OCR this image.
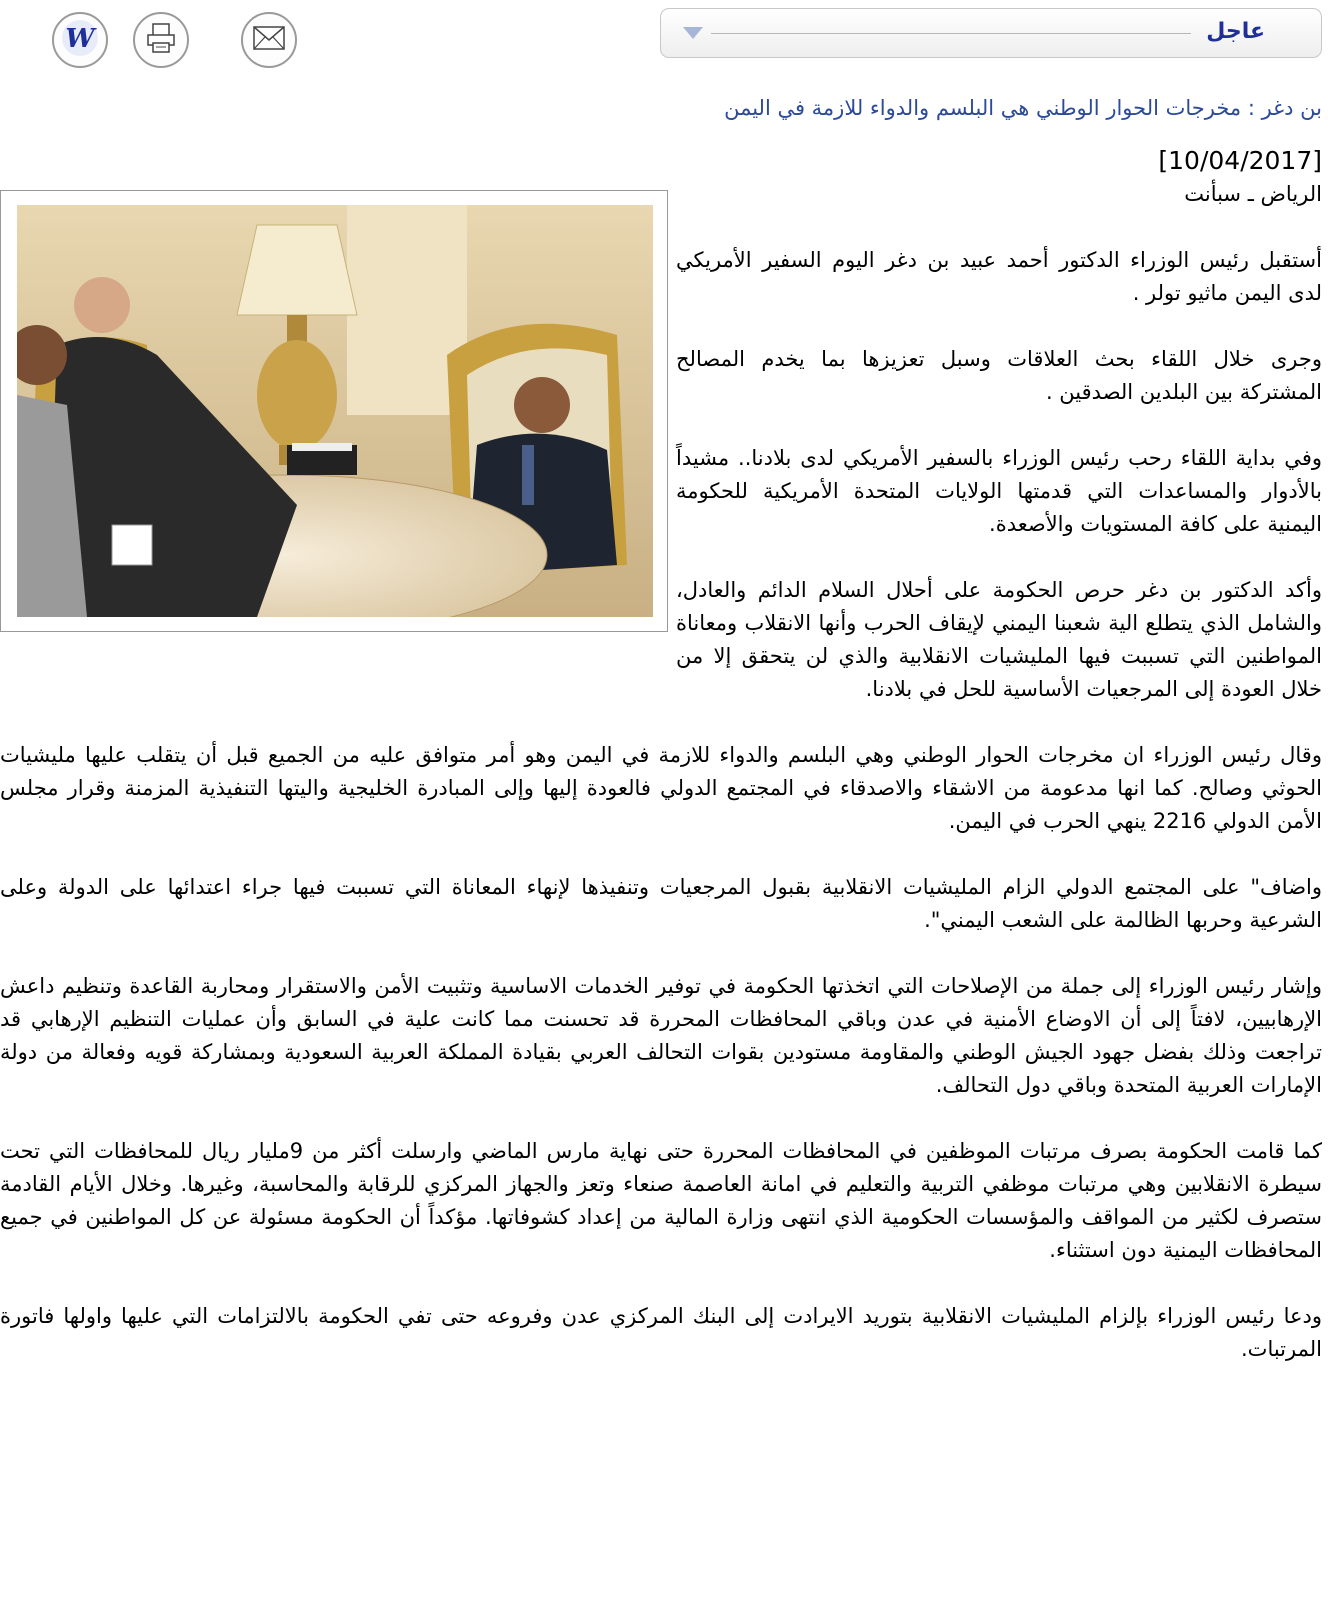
W	عاجل
بن دغر : مخرجات الحوار الوطني هي البلسم والدواء للازمة في اليمن
[10/04/2017]
الرياض ـ سبأنت

أستقبل رئيس الوزراء الدكتور أحمد عبيد بن دغر اليوم السفير الأمريكي لدى اليمن ماثيو تولر .

وجرى خلال اللقاء بحث العلاقات وسبل تعزيزها بما يخدم المصالح المشتركة بين البلدين الصدقين .

وفي بداية اللقاء رحب رئيس الوزراء بالسفير الأمريكي لدى بلادنا.. مشيداً بالأدوار والمساعدات التي قدمتها الولايات المتحدة الأمريكية للحكومة اليمنية على كافة المستويات والأصعدة.

وأكد الدكتور بن دغر حرص الحكومة على أحلال السلام الدائم والعادل، والشامل الذي يتطلع الية شعبنا اليمني لإيقاف الحرب وأنها الانقلاب ومعاناة المواطنين التي تسببت فيها المليشيات الانقلابية والذي لن يتحقق إلا من خلال العودة إلى المرجعيات الأساسية للحل في بلادنا.

وقال رئيس الوزراء ان مخرجات الحوار الوطني وهي البلسم والدواء للازمة في اليمن وهو أمر متوافق عليه من الجميع قبل أن يتقلب عليها مليشيات الحوثي وصالح. كما انها مدعومة من الاشقاء والاصدقاء في المجتمع الدولي فالعودة إليها وإلى المبادرة الخليجية واليتها التنفيذية المزمنة وقرار مجلس الأمن الدولي 2216 ينهي الحرب في اليمن.

واضاف" على المجتمع الدولي الزام المليشيات الانقلابية بقبول المرجعيات وتنفيذها لإنهاء المعاناة التي تسببت فيها جراء اعتدائها على الدولة وعلى الشرعية وحربها الظالمة على الشعب اليمني".

وإشار رئيس الوزراء إلى جملة من الإصلاحات التي اتخذتها الحكومة في توفير الخدمات الاساسية وتثبيت الأمن والاستقرار ومحاربة القاعدة وتنظيم داعش الإرهابيين، لافتاً إلى أن الاوضاع الأمنية في عدن وباقي المحافظات المحررة قد تحسنت مما كانت علية في السابق وأن عمليات التنظيم الإرهابي قد تراجعت وذلك بفضل جهود الجيش الوطني والمقاومة مستودين بقوات التحالف العربي بقيادة المملكة العربية السعودية وبمشاركة قويه وفعالة من دولة الإمارات العربية المتحدة وباقي دول التحالف.

كما قامت الحكومة بصرف مرتبات الموظفين في المحافظات المحررة حتى نهاية مارس الماضي وارسلت أكثر من 9مليار ريال للمحافظات التي تحت سيطرة الانقلابين وهي مرتبات موظفي التربية والتعليم في امانة العاصمة صنعاء وتعز والجهاز المركزي للرقابة والمحاسبة، وغيرها. وخلال الأيام القادمة ستصرف لكثير من المواقف والمؤسسات الحكومية الذي انتهى وزارة المالية من إعداد كشوفاتها. مؤكداً أن الحكومة مسئولة عن كل المواطنين في جميع المحافظات اليمنية دون استثناء.

ودعا رئيس الوزراء بإلزام المليشيات الانقلابية بتوريد الايرادت إلى البنك المركزي عدن وفروعه حتى تفي الحكومة بالالتزامات التي عليها واولها فاتورة المرتبات.
